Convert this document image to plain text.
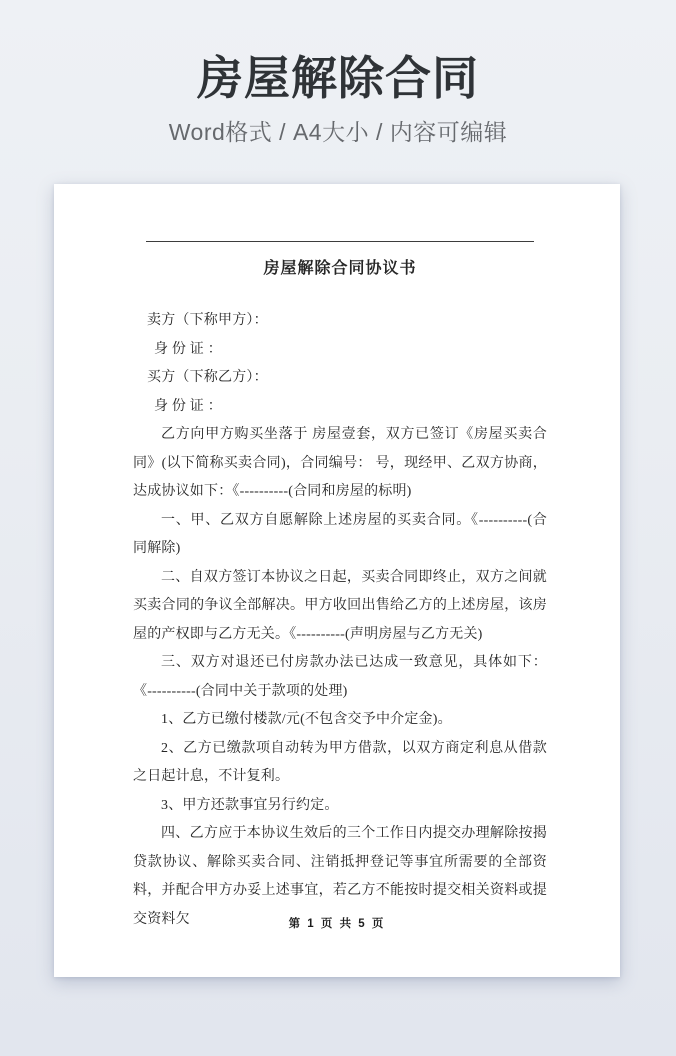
房屋解除合同

Word格式 / A4大小 / 内容可编辑

房屋解除合同协议书

卖方（下称甲方）：

身 份 证 ：

买方（下称乙方）：

身 份 证 ：

乙方向甲方购买坐落于 房屋壹套，双方已签订《房屋买卖合同》(以下简称买卖合同)，合同编号： 号，现经甲、乙双方协商，达成协议如下：《----------(合同和房屋的标明)

一、甲、乙双方自愿解除上述房屋的买卖合同。《----------(合同解除)

二、自双方签订本协议之日起，买卖合同即终止，双方之间就买卖合同的争议全部解决。甲方收回出售给乙方的上述房屋，该房屋的产权即与乙方无关。《----------(声明房屋与乙方无关)

三、双方对退还已付房款办法已达成一致意见，具体如下：

《----------(合同中关于款项的处理)

1、乙方已缴付楼款/元(不包含交予中介定金)。

2、乙方已缴款项自动转为甲方借款，以双方商定利息从借款之日起计息，不计复利。

3、甲方还款事宜另行约定。

四、乙方应于本协议生效后的三个工作日内提交办理解除按揭贷款协议、解除买卖合同、注销抵押登记等事宜所需要的全部资料，并配合甲方办妥上述事宜，若乙方不能按时提交相关资料或提交资料欠	第 1 页 共 5 页
